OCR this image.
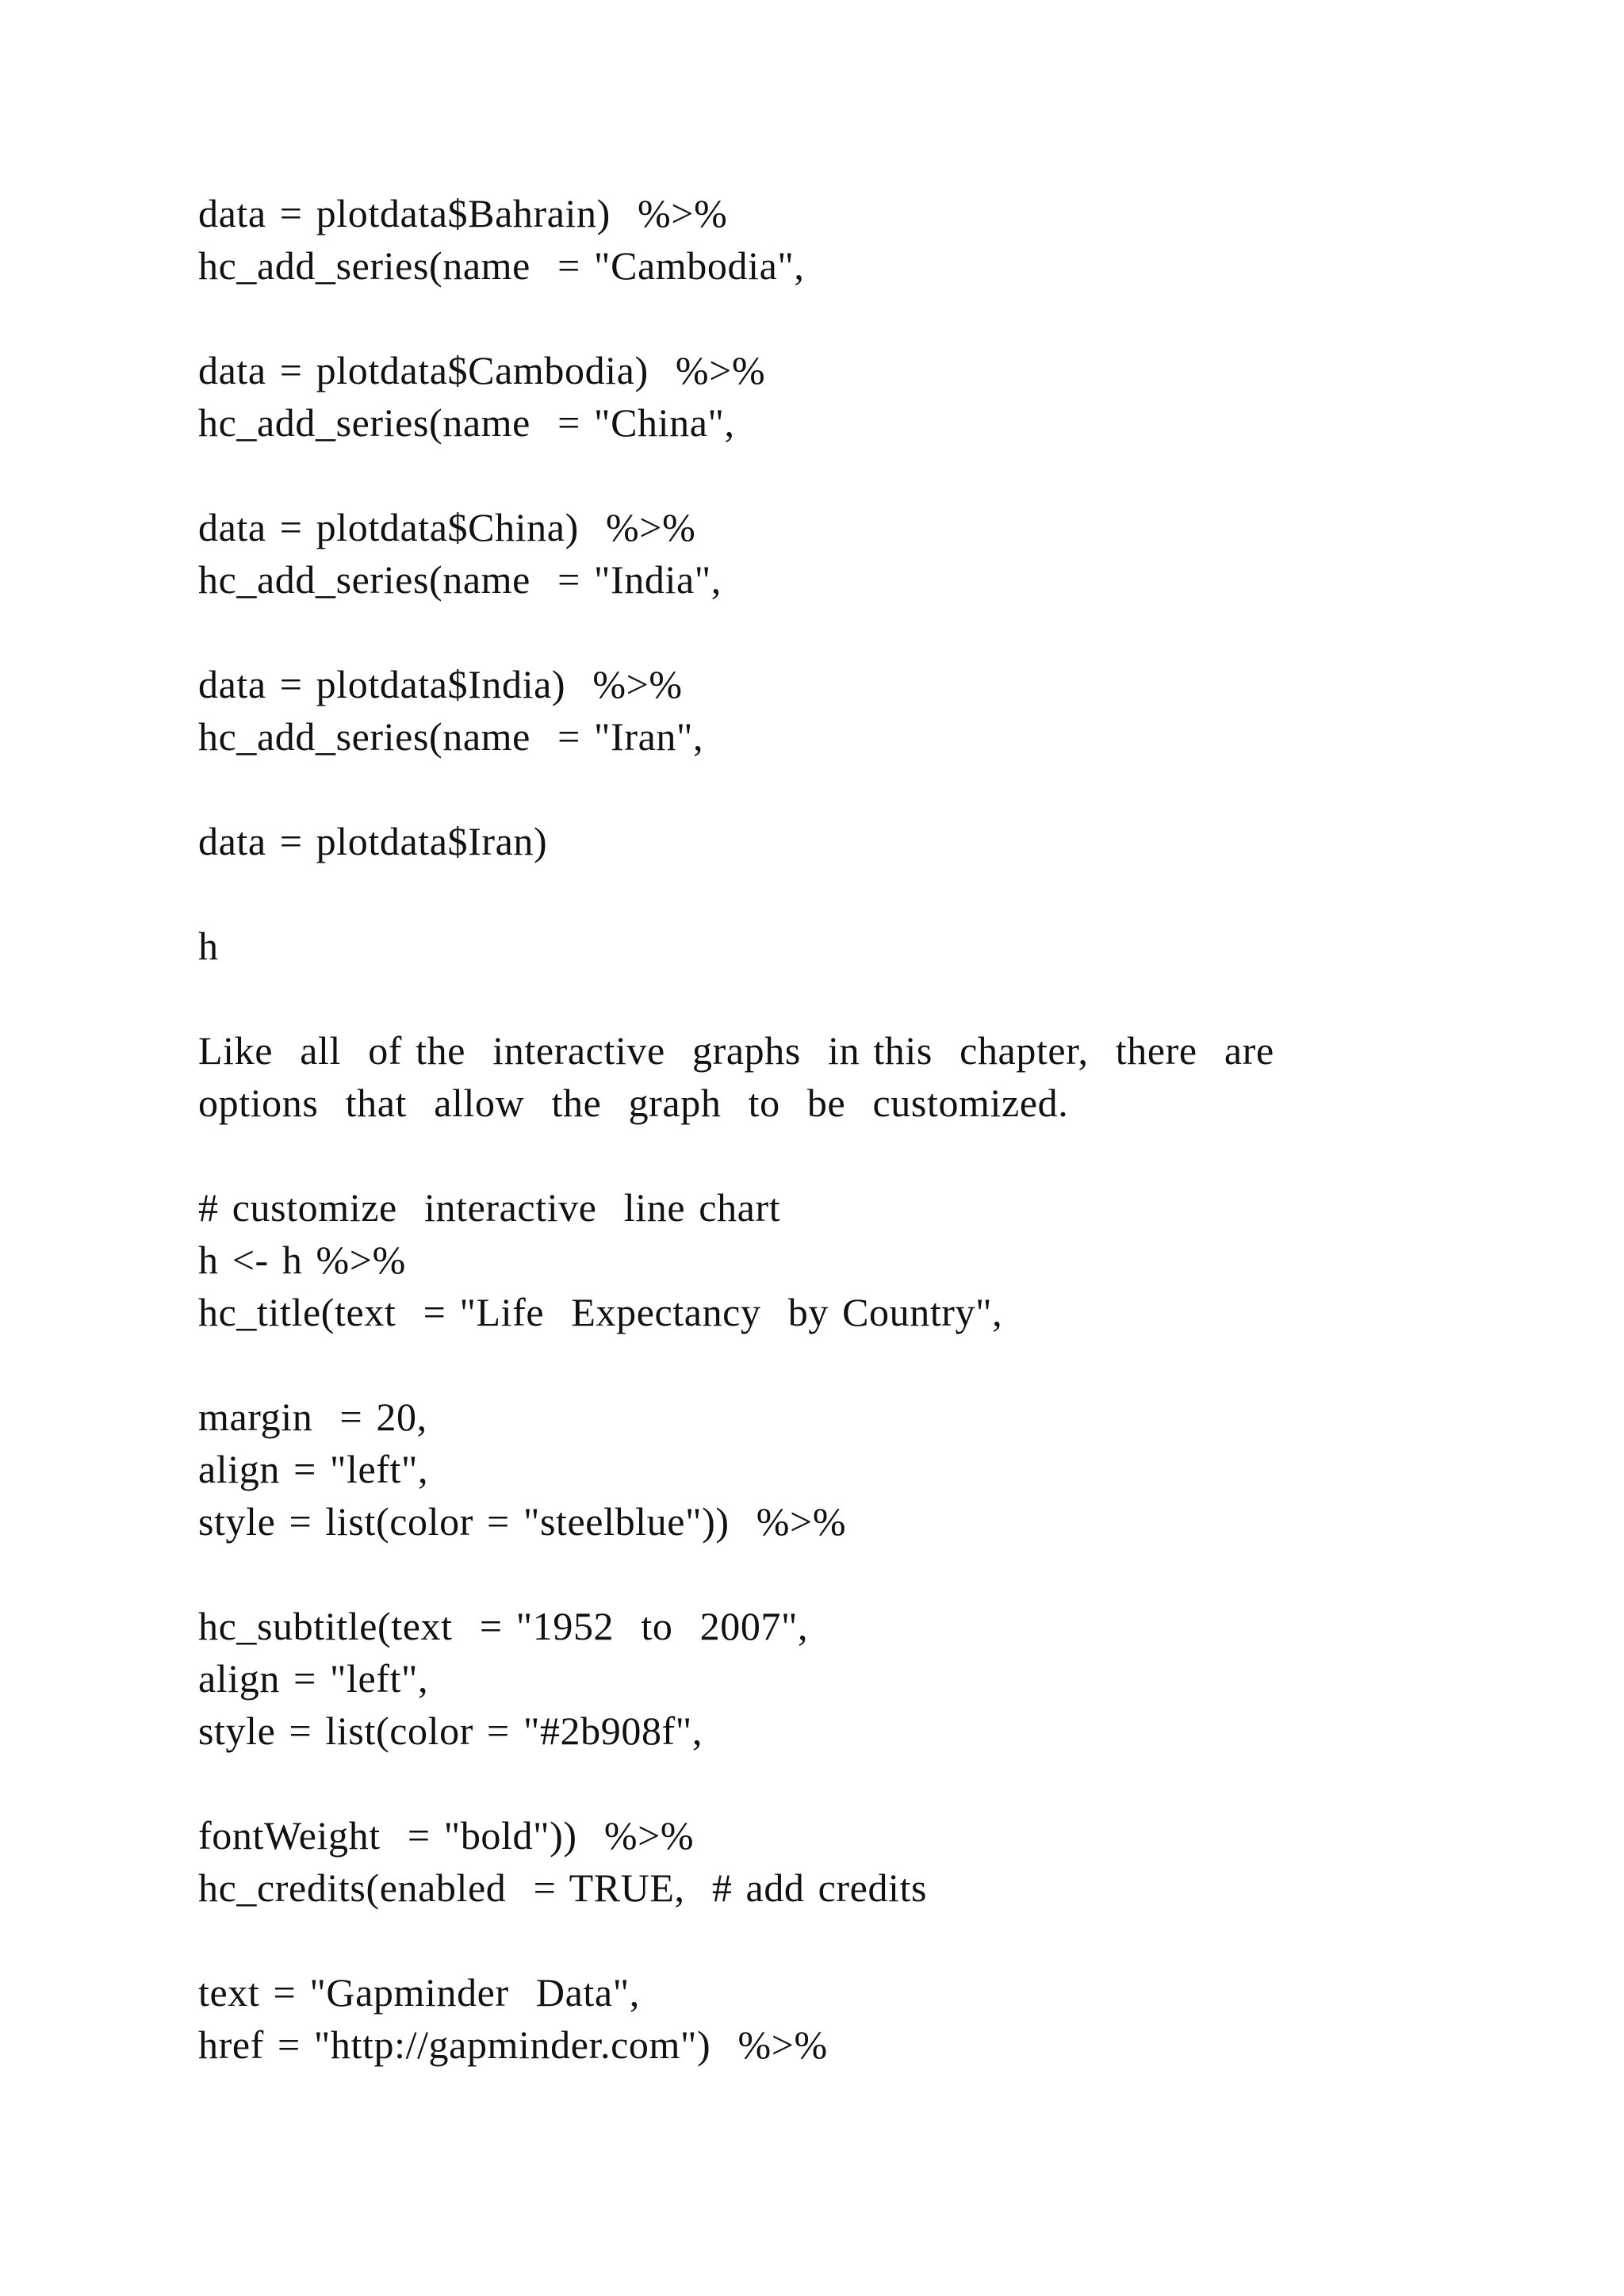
data = plotdata$Bahrain)  %>%
hc_add_series(name  = "Cambodia",
data = plotdata$Cambodia)  %>%
hc_add_series(name  = "China",
data = plotdata$China)  %>%
hc_add_series(name  = "India",
data = plotdata$India)  %>%
hc_add_series(name  = "Iran",
data = plotdata$Iran)
h
Like  all  of the  interactive  graphs  in this  chapter,  there  are
options  that  allow  the  graph  to  be  customized.
# customize  interactive  line chart
h <- h %>%
hc_title(text  = "Life  Expectancy  by Country",
margin  = 20,
align = "left",
style = list(color = "steelblue"))  %>%
hc_subtitle(text  = "1952  to  2007",
align = "left",
style = list(color = "#2b908f",
fontWeight  = "bold"))  %>%
hc_credits(enabled  = TRUE,  # add credits
text = "Gapminder  Data",
href = "http://gapminder.com")  %>%
